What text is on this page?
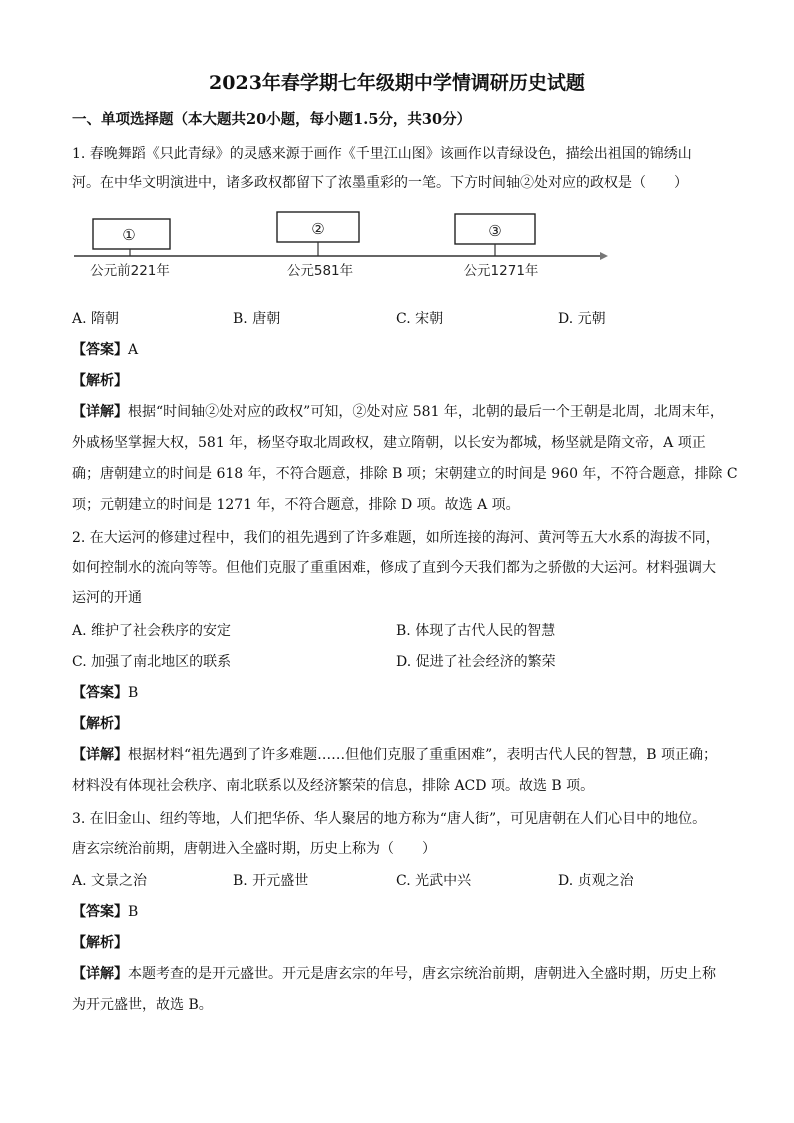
2023年春学期七年级期中学情调研历史试题
一、单项选择题（本大题共20小题，每小题1.5分，共30分）
1. 春晚舞蹈《只此青绿》的灵感来源于画作《千里江山图》该画作以青绿设色，描绘出祖国的锦绣山
河。在中华文明演进中，诸多政权都留下了浓墨重彩的一笔。下方时间轴②处对应的政权是（　　）
①	②	③
公元前221年	公元581年	公元1271年
A. 隋朝	B. 唐朝	C. 宋朝	D. 元朝
【答案】A
【解析】
【详解】根据“时间轴②处对应的政权”可知，②处对应 581 年，北朝的最后一个王朝是北周，北周末年，
外戚杨坚掌握大权，581 年，杨坚夺取北周政权，建立隋朝，以长安为都城，杨坚就是隋文帝，A 项正
确；唐朝建立的时间是 618 年，不符合题意，排除 B 项；宋朝建立的时间是 960 年，不符合题意，排除 C
项；元朝建立的时间是 1271 年，不符合题意，排除 D 项。故选 A 项。
2. 在大运河的修建过程中，我们的祖先遇到了许多难题，如所连接的海河、黄河等五大水系的海拔不同，
如何控制水的流向等等。但他们克服了重重困难，修成了直到今天我们都为之骄傲的大运河。材料强调大
运河的开通
A. 维护了社会秩序的安定	B. 体现了古代人民的智慧
C. 加强了南北地区的联系	D. 促进了社会经济的繁荣
【答案】B
【解析】
【详解】根据材料“祖先遇到了许多难题……但他们克服了重重困难”，表明古代人民的智慧，B 项正确；
材料没有体现社会秩序、南北联系以及经济繁荣的信息，排除 ACD 项。故选 B 项。
3. 在旧金山、纽约等地，人们把华侨、华人聚居的地方称为“唐人街”，可见唐朝在人们心目中的地位。
唐玄宗统治前期，唐朝进入全盛时期，历史上称为（　　）
A. 文景之治	B. 开元盛世	C. 光武中兴	D. 贞观之治
【答案】B
【解析】
【详解】本题考查的是开元盛世。开元是唐玄宗的年号，唐玄宗统治前期，唐朝进入全盛时期，历史上称
为开元盛世，故选 B。
